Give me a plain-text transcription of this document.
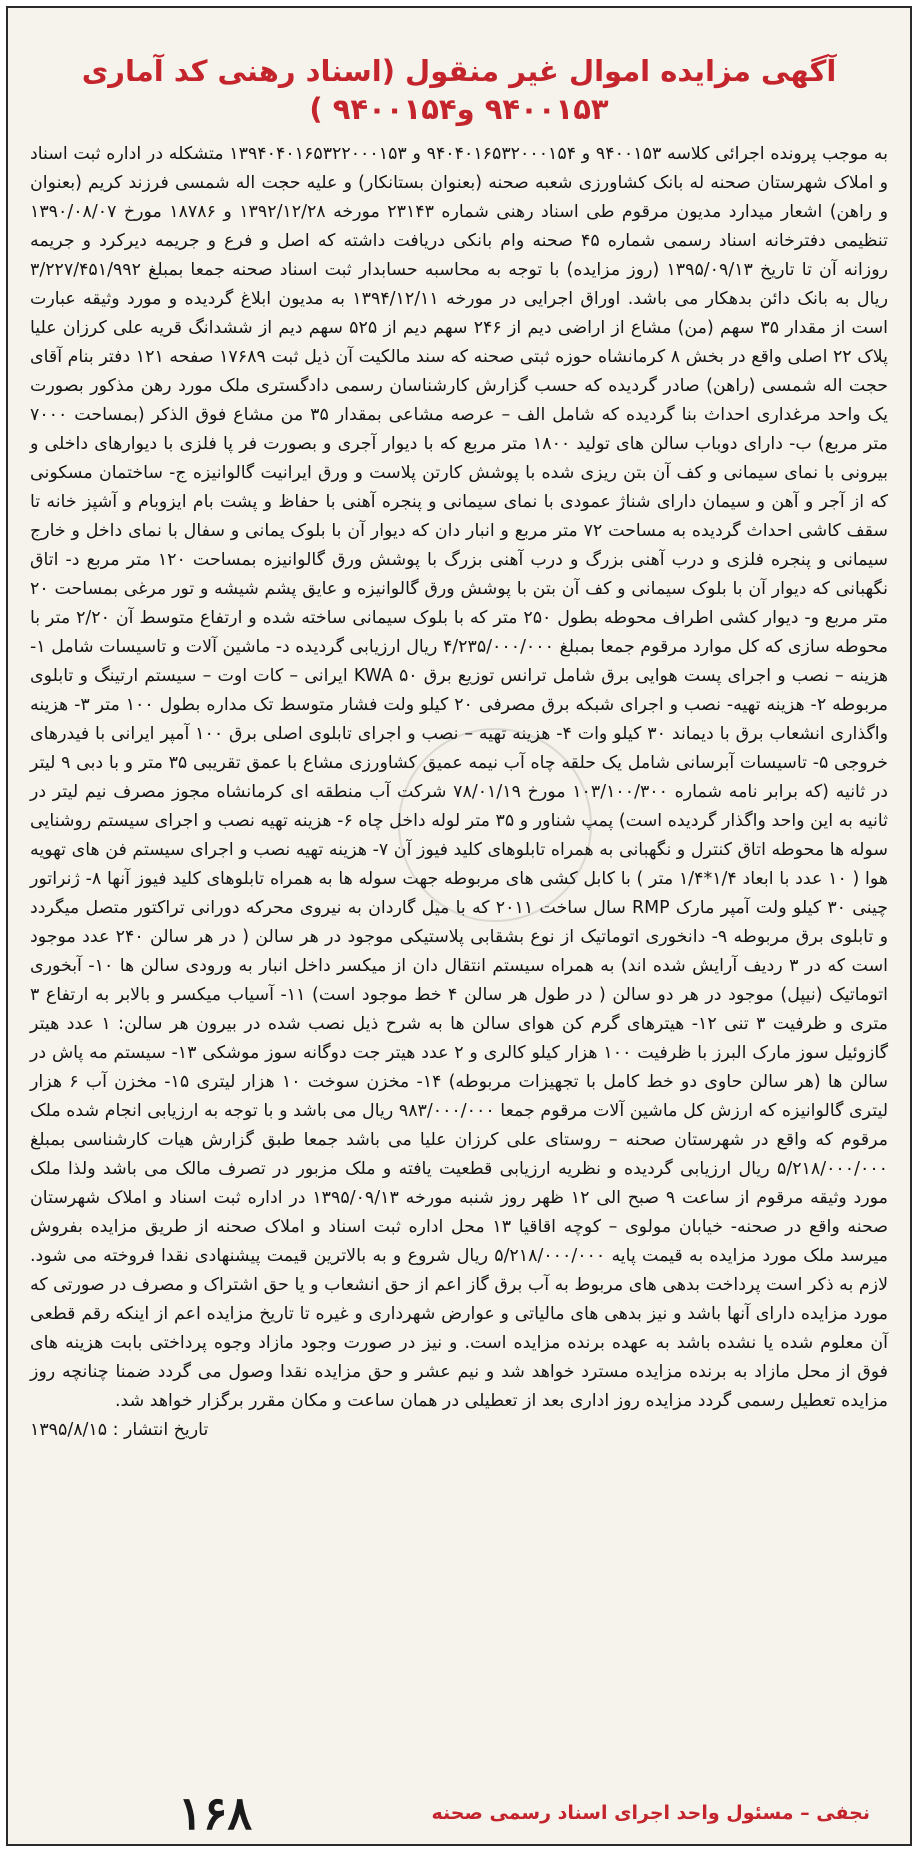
آگهی مزایده اموال غیر منقول (اسناد رهنی کد آماری
۹۴۰۰۱۵۳ و۹۴۰۰۱۵۴ )

به موجب پرونده اجرائی کلاسه ۹۴۰۰۱۵۳ و ۹۴۰۴۰۱۶۵۳۲۰۰۰۱۵۴ و ۱۳۹۴۰۴۰۱۶۵۳۲۲۰۰۰۱۵۳ متشکله در اداره ثبت اسناد و املاک شهرستان صحنه له بانک کشاورزی شعبه صحنه (بعنوان بستانکار) و علیه حجت اله شمسی فرزند کریم (بعنوان و راهن) اشعار میدارد مدیون مرقوم طی اسناد رهنی شماره ۲۳۱۴۳ مورخه ۱۳۹۲/۱۲/۲۸ و ۱۸۷۸۶ مورخ ۱۳۹۰/۰۸/۰۷ تنظیمی دفترخانه اسناد رسمی شماره ۴۵ صحنه وام بانکی دریافت داشته که اصل و فرع و جریمه دیرکرد و جریمه روزانه آن تا تاریخ ۱۳۹۵/۰۹/۱۳ (روز مزایده) با توجه به محاسبه حسابدار ثبت اسناد صحنه جمعا بمبلغ ۳/۲۲۷/۴۵۱/۹۹۲ ریال به بانک دائن بدهکار می باشد. اوراق اجرایی در مورخه ۱۳۹۴/۱۲/۱۱ به مدیون ابلاغ گردیده و مورد وثیقه عبارت است از مقدار ۳۵ سهم (من) مشاع از اراضی دیم از ۲۴۶ سهم دیم از ۵۲۵ سهم دیم از ششدانگ قریه علی کرزان علیا پلاک ۲۲ اصلی واقع در بخش ۸ کرمانشاه حوزه ثبتی صحنه که سند مالکیت آن ذیل ثبت ۱۷۶۸۹ صفحه ۱۲۱ دفتر بنام آقای حجت اله شمسی (راهن) صادر گردیده که حسب گزارش کارشناسان رسمی دادگستری ملک مورد رهن مذکور بصورت یک واحد مرغداری احداث بنا گردیده که شامل الف – عرصه مشاعی بمقدار ۳۵ من مشاع فوق الذکر (بمساحت ۷۰۰۰ متر مربع) ب- دارای دوباب سالن های تولید ۱۸۰۰ متر مربع که با دیوار آجری و بصورت فر پا فلزی با دیوارهای داخلی و بیرونی با نمای سیمانی و کف آن بتن ریزی شده با پوشش کارتن پلاست و ورق ایرانیت گالوانیزه ج- ساختمان مسکونی که از آجر و آهن و سیمان دارای شناژ عمودی با نمای سیمانی و پنجره آهنی با حفاظ و پشت بام ایزوبام و آشپز خانه تا سقف کاشی احداث گردیده به مساحت ۷۲ متر مربع و انبار دان که دیوار آن با بلوک یمانی و سفال با نمای داخل و خارج سیمانی و پنجره فلزی و درب آهنی بزرگ و درب آهنی بزرگ با پوشش ورق گالوانیزه بمساحت ۱۲۰ متر مربع د- اتاق نگهبانی که دیوار آن با بلوک سیمانی و کف آن بتن با پوشش ورق گالوانیزه و عایق پشم شیشه و تور مرغی بمساحت ۲۰ متر مربع و- دیوار کشی اطراف محوطه بطول ۲۵۰ متر که با بلوک سیمانی ساخته شده و ارتفاع متوسط آن ۲/۲۰ متر با محوطه سازی که کل موارد مرقوم جمعا بمبلغ ۴/۲۳۵/۰۰۰/۰۰۰ ریال ارزیابی گردیده د- ماشین آلات و تاسیسات شامل ۱- هزینه – نصب و اجرای پست هوایی برق شامل ترانس توزیع برق ۵۰ KWA ایرانی – کات اوت – سیستم ارتینگ و تابلوی مربوطه ۲- هزینه تهیه- نصب و اجرای شبکه برق مصرفی ۲۰ کیلو ولت فشار متوسط تک مداره بطول ۱۰۰ متر ۳- هزینه واگذاری انشعاب برق با دیماند ۳۰ کیلو وات ۴- هزینه تهیه – نصب و اجرای تابلوی اصلی برق ۱۰۰ آمپر ایرانی با فیدرهای خروجی ۵- تاسیسات آبرسانی شامل یک حلقه چاه آب نیمه عمیق کشاورزی مشاع با عمق تقریبی ۳۵ متر و با دبی ۹ لیتر در ثانیه (که برابر نامه شماره ۱۰۳/۱۰۰/۳۰۰ مورخ ۷۸/۰۱/۱۹ شرکت آب منطقه ای کرمانشاه مجوز مصرف نیم لیتر در ثانیه به این واحد واگذار گردیده است) پمپ شناور و ۳۵ متر لوله داخل چاه ۶- هزینه تهیه نصب و اجرای سیستم روشنایی سوله ها محوطه اتاق کنترل و نگهبانی به همراه تابلوهای کلید فیوز آن ۷- هزینه تهیه نصب و اجرای سیستم فن های تهویه هوا ( ۱۰ عدد با ابعاد ۱/۴*۱/۴ متر ) با کابل کشی های مربوطه جهت سوله ها به همراه تابلوهای کلید فیوز آنها ۸- ژنراتور چینی ۳۰ کیلو ولت آمپر مارک RMP سال ساخت ۲۰۱۱ که با میل گاردان به نیروی محرکه دورانی تراکتور متصل میگردد و تابلوی برق مربوطه ۹- دانخوری اتوماتیک از نوع بشقابی پلاستیکی موجود در هر سالن ( در هر سالن ۲۴۰ عدد موجود است که در ۳ ردیف آرایش شده اند) به همراه سیستم انتقال دان از میکسر داخل انبار به ورودی سالن ها ۱۰- آبخوری اتوماتیک (نیپل) موجود در هر دو سالن ( در طول هر سالن ۴ خط موجود است) ۱۱- آسیاب میکسر و بالابر به ارتفاع ۳ متری و ظرفیت ۳ تنی ۱۲- هیترهای گرم کن هوای سالن ها به شرح ذیل نصب شده در بیرون هر سالن: ۱ عدد هیتر گازوئیل سوز مارک البرز با ظرفیت ۱۰۰ هزار کیلو کالری و ۲ عدد هیتر جت دوگانه سوز موشکی ۱۳- سیستم مه پاش در سالن ها (هر سالن حاوی دو خط کامل با تجهیزات مربوطه) ۱۴- مخزن سوخت ۱۰ هزار لیتری ۱۵- مخزن آب ۶ هزار لیتری گالوانیزه که ارزش کل ماشین آلات مرقوم جمعا ۹۸۳/۰۰۰/۰۰۰ ریال می باشد و با توجه به ارزیابی انجام شده ملک مرقوم که واقع در شهرستان صحنه – روستای علی کرزان علیا می باشد جمعا طبق گزارش هیات کارشناسی بمبلغ ۵/۲۱۸/۰۰۰/۰۰۰ ریال ارزیابی گردیده و نظریه ارزیابی قطعیت یافته و ملک مزبور در تصرف مالک می باشد ولذا ملک مورد وثیقه مرقوم از ساعت ۹ صبح الی ۱۲ ظهر روز شنبه مورخه ۱۳۹۵/۰۹/۱۳ در اداره ثبت اسناد و املاک شهرستان صحنه واقع در صحنه- خیابان مولوی – کوچه اقاقیا ۱۳ محل اداره ثبت اسناد و املاک صحنه از طریق مزایده بفروش میرسد ملک مورد مزایده به قیمت پایه ۵/۲۱۸/۰۰۰/۰۰۰ ریال شروع و به بالاترین قیمت پیشنهادی نقدا فروخته می شود. لازم به ذکر است پرداخت بدهی های مربوط به آب برق گاز اعم از حق انشعاب و یا حق اشتراک و مصرف در صورتی که مورد مزایده دارای آنها باشد و نیز بدهی های مالیاتی و عوارض شهرداری و غیره تا تاریخ مزایده اعم از اینکه رقم قطعی آن معلوم شده یا نشده باشد به عهده برنده مزایده است. و نیز در صورت وجود مازاد وجوه پرداختی بابت هزینه های فوق از محل مازاد به برنده مزایده مسترد خواهد شد و نیم عشر و حق مزایده نقدا وصول می گردد ضمنا چنانچه روز مزایده تعطیل رسمی گردد مزایده روز اداری بعد از تعطیلی در همان ساعت و مکان مقرر برگزار خواهد شد.

تاریخ انتشار : ۱۳۹۵/۸/۱۵
نجفی – مسئول واحد اجرای اسناد رسمی صحنه
۱۶۸
